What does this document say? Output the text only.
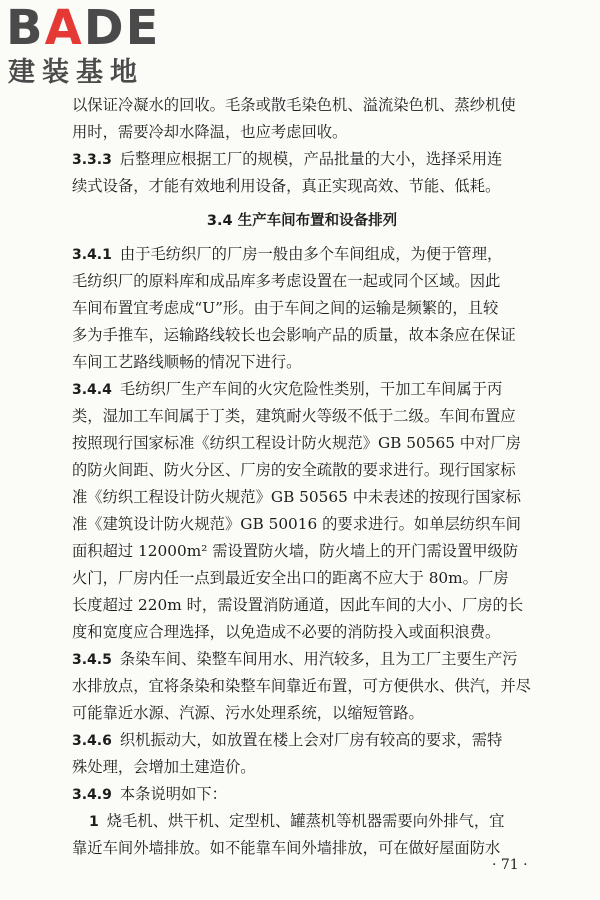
BADE
建装基地
以保证冷凝水的回收。毛条或散毛染色机、溢流染色机、蒸纱机使
用时，需要冷却水降温，也应考虑回收。
3.3.3 后整理应根据工厂的规模，产品批量的大小，选择采用连
续式设备，才能有效地利用设备，真正实现高效、节能、低耗。
3.4 生产车间布置和设备排列
3.4.1 由于毛纺织厂的厂房一般由多个车间组成，为便于管理，
毛纺织厂的原料库和成品库多考虑设置在一起或同个区域。因此
车间布置宜考虑成“U”形。由于车间之间的运输是频繁的，且较
多为手推车，运输路线较长也会影响产品的质量，故本条应在保证
车间工艺路线顺畅的情况下进行。
3.4.4 毛纺织厂生产车间的火灾危险性类别，干加工车间属于丙
类，湿加工车间属于丁类，建筑耐火等级不低于二级。车间布置应
按照现行国家标准《纺织工程设计防火规范》GB 50565 中对厂房
的防火间距、防火分区、厂房的安全疏散的要求进行。现行国家标
准《纺织工程设计防火规范》GB 50565 中未表述的按现行国家标
准《建筑设计防火规范》GB 50016 的要求进行。如单层纺织车间
面积超过 12000m² 需设置防火墙，防火墙上的开门需设置甲级防
火门，厂房内任一点到最近安全出口的距离不应大于 80m。厂房
长度超过 220m 时，需设置消防通道，因此车间的大小、厂房的长
度和宽度应合理选择，以免造成不必要的消防投入或面积浪费。
3.4.5 条染车间、染整车间用水、用汽较多，且为工厂主要生产污
水排放点，宜将条染和染整车间靠近布置，可方便供水、供汽，并尽
可能靠近水源、汽源、污水处理系统，以缩短管路。
3.4.6 织机振动大，如放置在楼上会对厂房有较高的要求，需特
殊处理，会增加土建造价。
3.4.9 本条说明如下：
1 烧毛机、烘干机、定型机、罐蒸机等机器需要向外排气，宜
靠近车间外墙排放。如不能靠车间外墙排放，可在做好屋面防水
· 71 ·
